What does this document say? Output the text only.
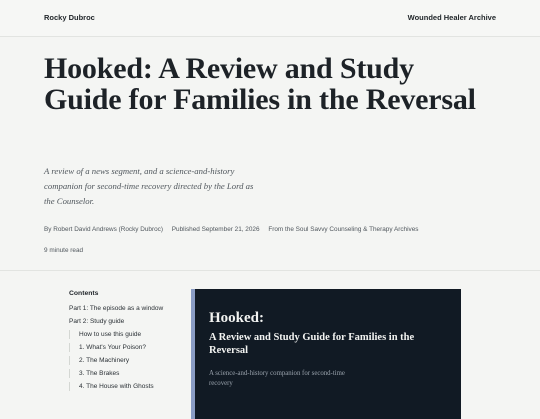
Rocky Dubroc	Wounded Healer Archive
Hooked: A Review and Study Guide for Families in the Reversal

A review of a news segment, and a science-and-history companion for second-time recovery directed by the Lord as the Counselor.

By Robert David Andrews (Rocky Dubroc) Published September 21, 2026 From the Soul Savvy Counseling & Therapy Archives
9 minute read
Contents
Part 1: The episode as a window
Part 2: Study guide
How to use this guide
1. What's Your Poison?
2. The Machinery
3. The Brakes
4. The House with Ghosts
Hooked:
A Review and Study Guide for Families in the Reversal

A science-and-history companion for second-time recovery
